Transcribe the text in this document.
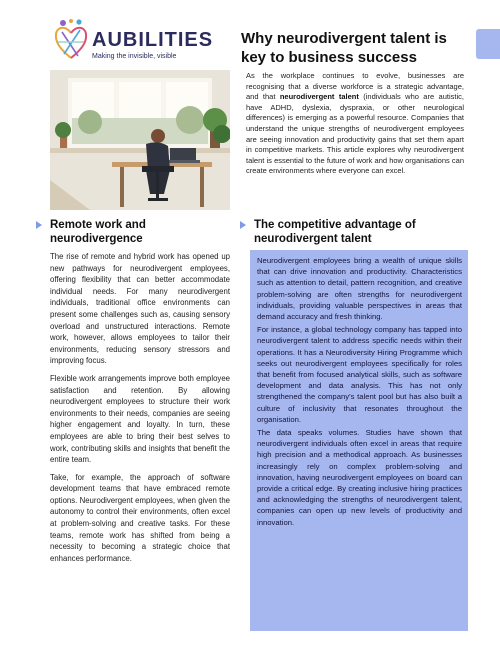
AUBILITIES
Making the invisible, visible
Why neurodivergent talent is key to business success

As the workplace continues to evolve, businesses are recognising that a diverse workforce is a strategic advantage, and that neurodivergent talent (individuals who are autistic, have ADHD, dyslexia, dyspraxia, or other neurological differences) is emerging as a powerful resource. Companies that understand the unique strengths of neurodivergent employees are seeing innovation and productivity gains that set them apart in competitive markets. This article explores why neurodivergent talent is essential to the future of work and how organisations can create environments where everyone can excel.

Remote work and neurodivergence
The competitive advantage of neurodivergent talent

The rise of remote and hybrid work has opened up new pathways for neurodivergent employees, offering flexibility that can better accommodate individual needs. For many neurodivergent individuals, traditional office environments can present some challenges such as, causing sensory overload and unstructured interactions. Remote work, however, allows employees to tailor their environments, reducing sensory stressors and improving focus.

Flexible work arrangements improve both employee satisfaction and retention. By allowing neurodivergent employees to structure their work environments to their needs, companies are seeing higher engagement and loyalty. In turn, these employees are able to bring their best selves to work, contributing skills and insights that benefit the entire team.

Take, for example, the approach of software development teams that have embraced remote options. Neurodivergent employees, when given the autonomy to control their environments, often excel at problem-solving and creative tasks. For these teams, remote work has shifted from being a necessity to becoming a strategic choice that enhances performance.

Neurodivergent employees bring a wealth of unique skills that can drive innovation and productivity. Characteristics such as attention to detail, pattern recognition, and creative problem-solving are often strengths for neurodivergent individuals, providing valuable perspectives in areas that demand accuracy and fresh thinking.

For instance, a global technology company has tapped into neurodivergent talent to address specific needs within their operations. It has a Neurodiversity Hiring Programme which seeks out neurodivergent employees specifically for roles that benefit from focused analytical skills, such as software development and data analysis. This has not only strengthened the company's talent pool but has also built a culture of inclusivity that resonates throughout the organisation.

The data speaks volumes. Studies have shown that neurodivergent individuals often excel in areas that require high precision and a methodical approach. As businesses increasingly rely on complex problem-solving and innovation, having neurodivergent employees on board can provide a critical edge. By creating inclusive hiring practices and acknowledging the strengths of neurodivergent talent, companies can open up new levels of productivity and innovation.
